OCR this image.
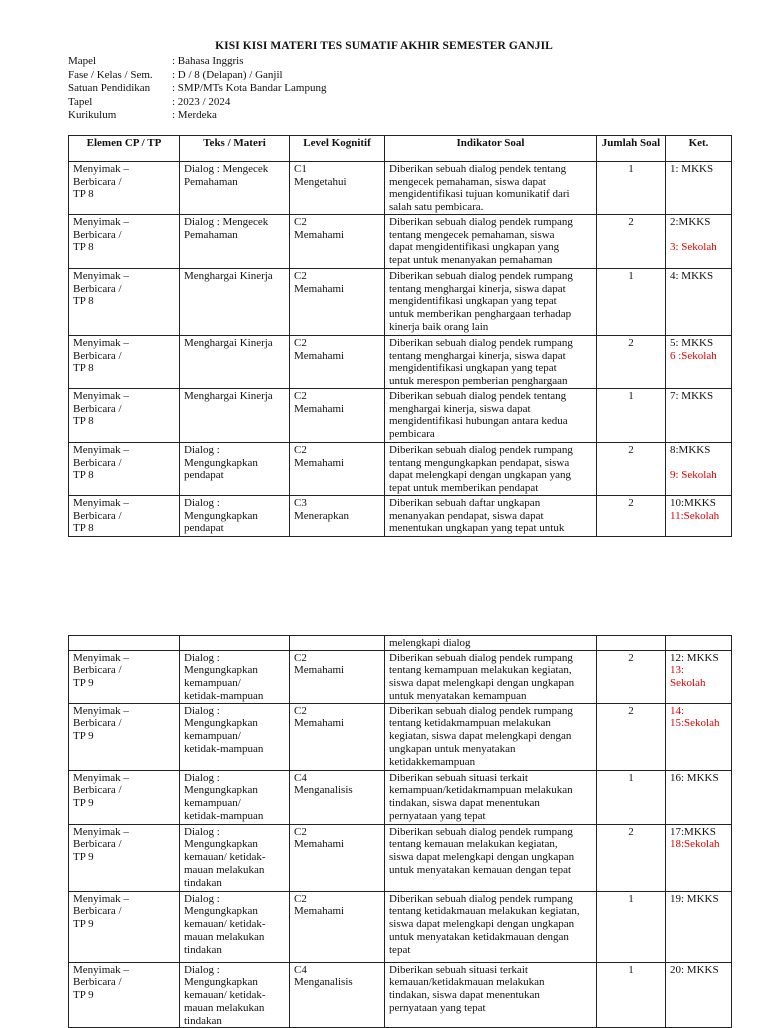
KISI KISI MATERI TES SUMATIF AKHIR SEMESTER GANJIL
Mapel	: Bahasa Inggris
Fase / Kelas / Sem.	: D / 8 (Delapan) / Ganjil
Satuan Pendidikan	: SMP/MTs Kota Bandar Lampung
Tapel	: 2023 / 2024
Kurikulum	: Merdeka
Elemen CP / TP	Teks / Materi	Level Kognitif	Indikator Soal	Jumlah Soal	Ket.

Menyimak –
Berbicara /
TP 8	Dialog : Mengecek
Pemahaman	C1
Mengetahui	Diberikan sebuah dialog pendek tentang
mengecek pemahaman, siswa dapat
mengidentifikasi tujuan komunikatif dari
salah satu pembicara.	1	1: MKKS

Menyimak –
Berbicara /
TP 8	Dialog : Mengecek
Pemahaman	C2
Memahami	Diberikan sebuah dialog pendek rumpang
tentang mengecek pemahaman, siswa
dapat mengidentifikasi ungkapan yang
tepat untuk menanyakan pemahaman	2	2:MKKS

3: Sekolah

Menyimak –
Berbicara /
TP 8	Menghargai Kinerja	C2
Memahami	Diberikan sebuah dialog pendek rumpang
tentang menghargai kinerja, siswa dapat
mengidentifikasi ungkapan yang tepat
untuk memberikan penghargaan terhadap
kinerja baik orang lain	1	4: MKKS

Menyimak –
Berbicara /
TP 8	Menghargai Kinerja	C2
Memahami	Diberikan sebuah dialog pendek rumpang
tentang menghargai kinerja, siswa dapat
mengidentifikasi ungkapan yang tepat
untuk merespon pemberian penghargaan	2	5: MKKS
6 :Sekolah

Menyimak –
Berbicara /
TP 8	Menghargai Kinerja	C2
Memahami	Diberikan sebuah dialog pendek tentang
menghargai kinerja, siswa dapat
mengidentifikasi hubungan antara kedua
pembicara	1	7: MKKS

Menyimak –
Berbicara /
TP 8	Dialog :
Mengungkapkan
pendapat	C2
Memahami	Diberikan sebuah dialog pendek rumpang
tentang mengungkapkan pendapat, siswa
dapat melengkapi dengan ungkapan yang
tepat untuk memberikan pendapat	2	8:MKKS

9: Sekolah

Menyimak –
Berbicara /
TP 8	Dialog :
Mengungkapkan
pendapat	C3
Menerapkan	Diberikan sebuah daftar ungkapan
menanyakan pendapat, siswa dapat
menentukan ungkapan yang tepat untuk	2	10:MKKS
11:Sekolah

			melengkapi dialog		

Menyimak –
Berbicara /
TP 9	Dialog :
Mengungkapkan
kemampuan/
ketidak-mampuan	C2
Memahami	Diberikan sebuah dialog pendek rumpang
tentang kemampuan melakukan kegiatan,
siswa dapat melengkapi dengan ungkapan
untuk menyatakan kemampuan	2	12: MKKS
13:
Sekolah

Menyimak –
Berbicara /
TP 9	Dialog :
Mengungkapkan
kemampuan/
ketidak-mampuan	C2
Memahami	Diberikan sebuah dialog pendek rumpang
tentang ketidakmampuan melakukan
kegiatan, siswa dapat melengkapi dengan
ungkapan untuk menyatakan
ketidakkemampuan	2	14:
15:Sekolah

Menyimak –
Berbicara /
TP 9	Dialog :
Mengungkapkan
kemampuan/
ketidak-mampuan	C4
Menganalisis	Diberikan sebuah situasi terkait
kemampuan/ketidakmampuan melakukan
tindakan, siswa dapat menentukan
pernyataan yang tepat	1	16: MKKS

Menyimak –
Berbicara /
TP 9	Dialog :
Mengungkapkan
kemauan/ ketidak-
mauan melakukan
tindakan	C2
Memahami	Diberikan sebuah dialog pendek rumpang
tentang kemauan melakukan kegiatan,
siswa dapat melengkapi dengan ungkapan
untuk menyatakan kemauan dengan tepat	2	17:MKKS
18:Sekolah

Menyimak –
Berbicara /
TP 9	Dialog :
Mengungkapkan
kemauan/ ketidak-
mauan melakukan
tindakan	C2
Memahami	Diberikan sebuah dialog pendek rumpang
tentang ketidakmauan melakukan kegiatan,
siswa dapat melengkapi dengan ungkapan
untuk menyatakan ketidakmauan dengan
tepat	1	19: MKKS

Menyimak –
Berbicara /
TP 9	Dialog :
Mengungkapkan
kemauan/ ketidak-
mauan melakukan
tindakan	C4
Menganalisis	Diberikan sebuah situasi terkait
kemauan/ketidakmauan melakukan
tindakan, siswa dapat menentukan
pernyataan yang tepat	1	20: MKKS
